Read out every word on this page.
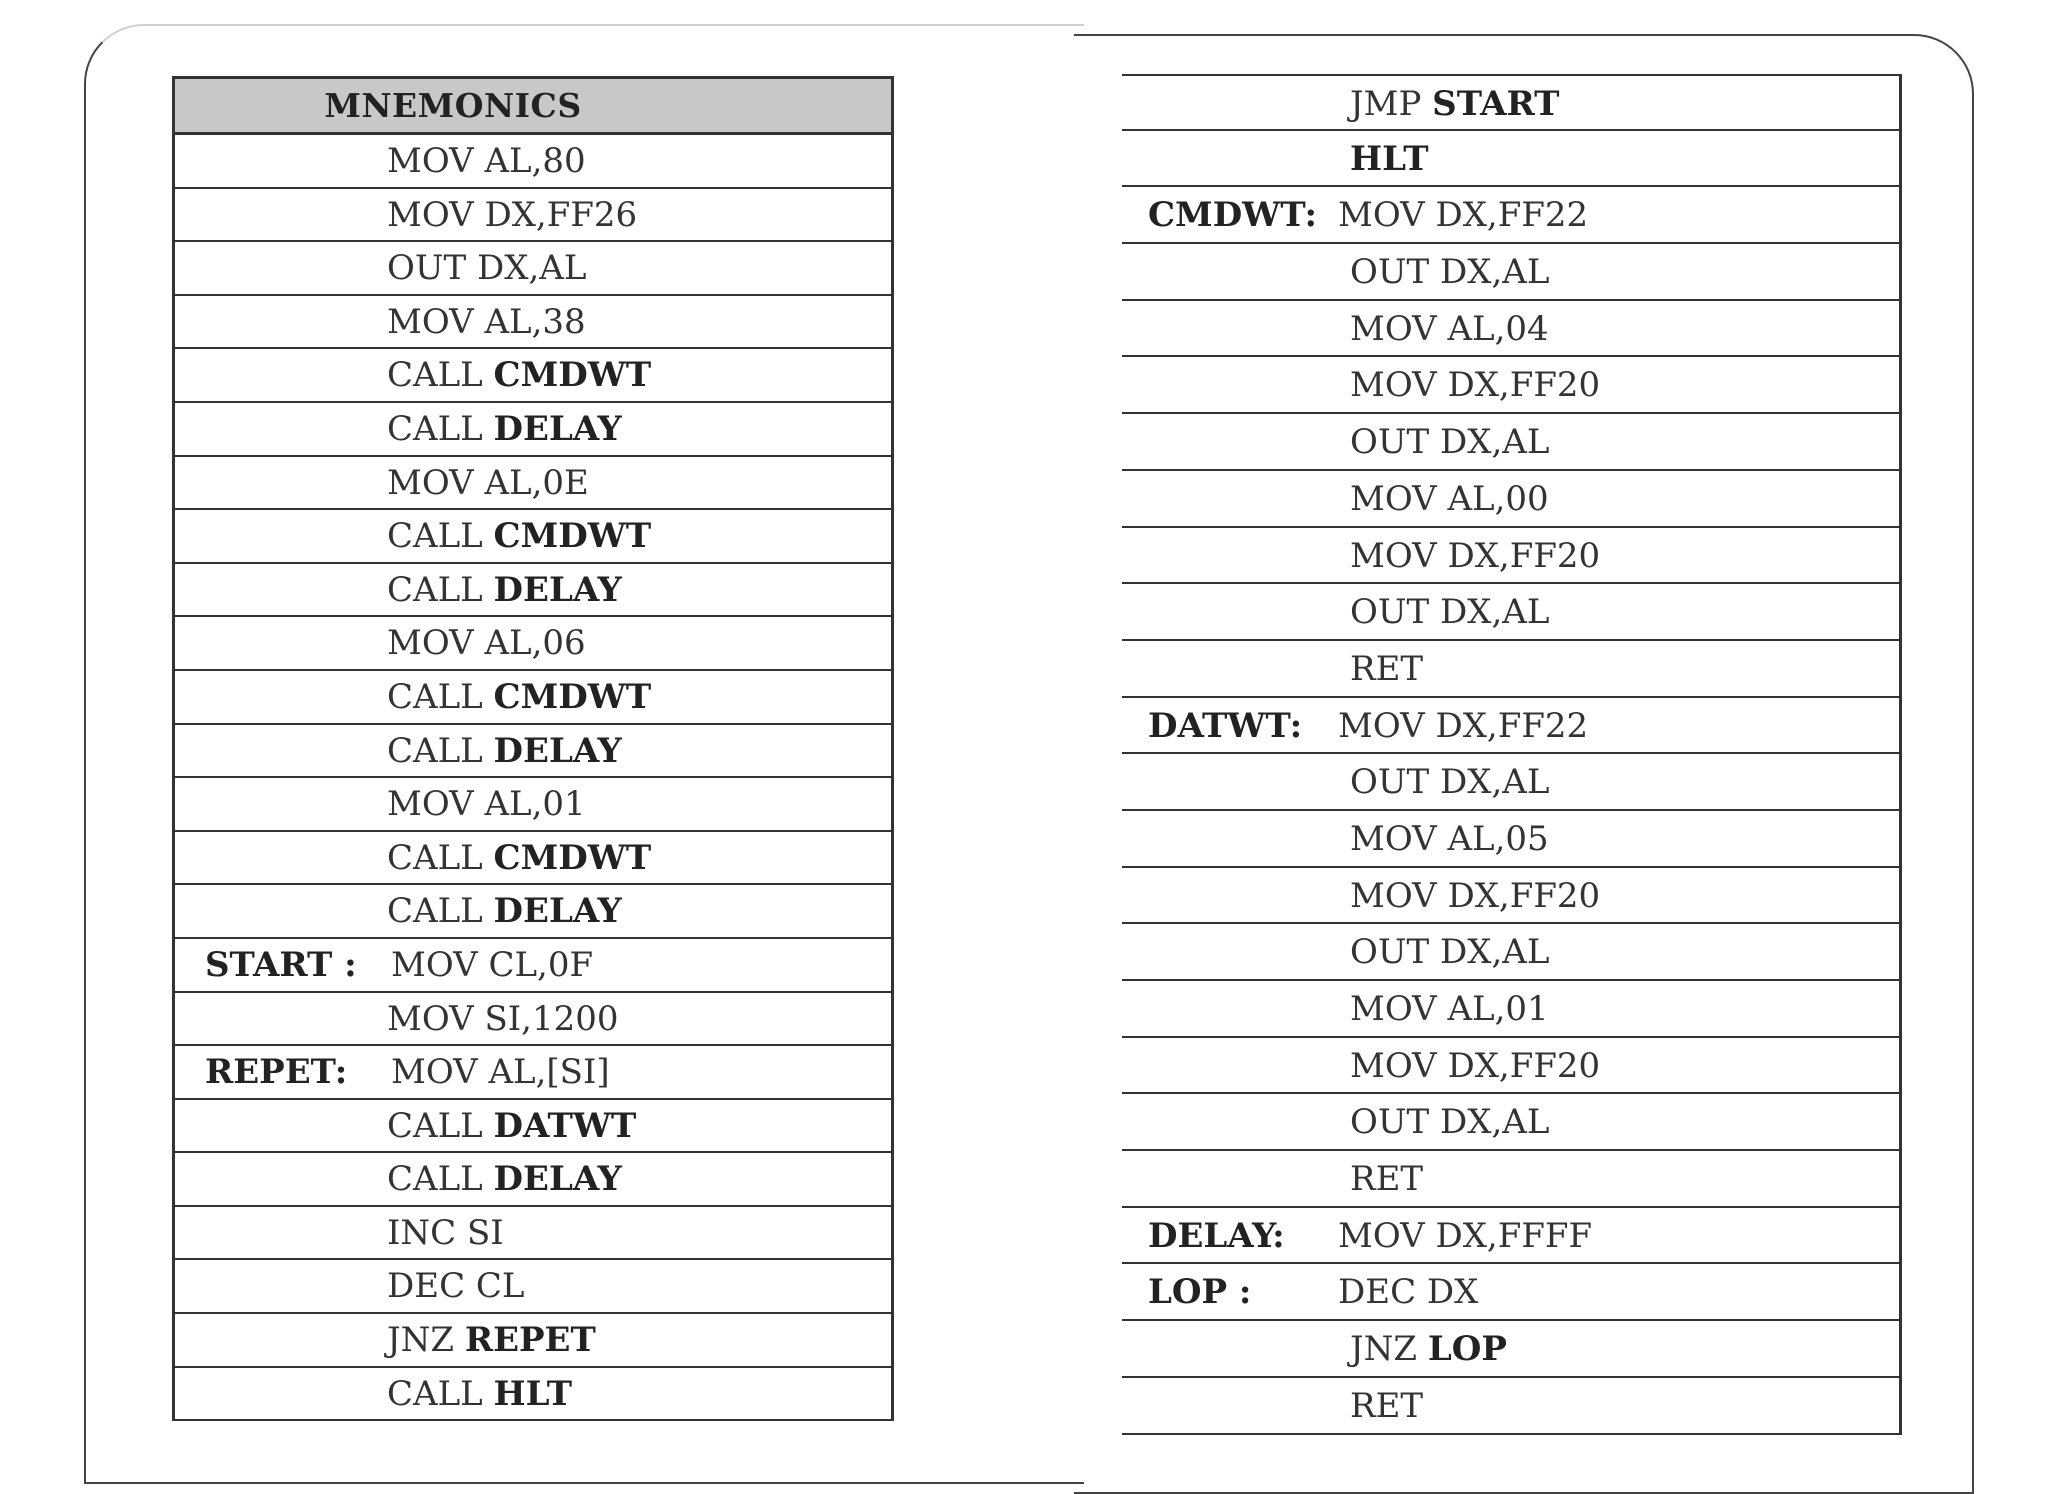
MNEMONICS
MOV AL,80
MOV DX,FF26
OUT DX,AL
MOV AL,38
CALL CMDWT
CALL DELAY
MOV AL,0E
CALL CMDWT
CALL DELAY
MOV AL,06
CALL CMDWT
CALL DELAY
MOV AL,01
CALL CMDWT
CALL DELAY
START : MOV CL,0F
MOV SI,1200
REPET: MOV AL,[SI]
CALL DATWT
CALL DELAY
INC SI
DEC CL
JNZ REPET
CALL HLT
JMP START
HLT
CMDWT: MOV DX,FF22
OUT DX,AL
MOV AL,04
MOV DX,FF20
OUT DX,AL
MOV AL,00
MOV DX,FF20
OUT DX,AL
RET
DATWT: MOV DX,FF22
OUT DX,AL
MOV AL,05
MOV DX,FF20
OUT DX,AL
MOV AL,01
MOV DX,FF20
OUT DX,AL
RET
DELAY: MOV DX,FFFF
LOP :	DEC DX
JNZ LOP
RET
